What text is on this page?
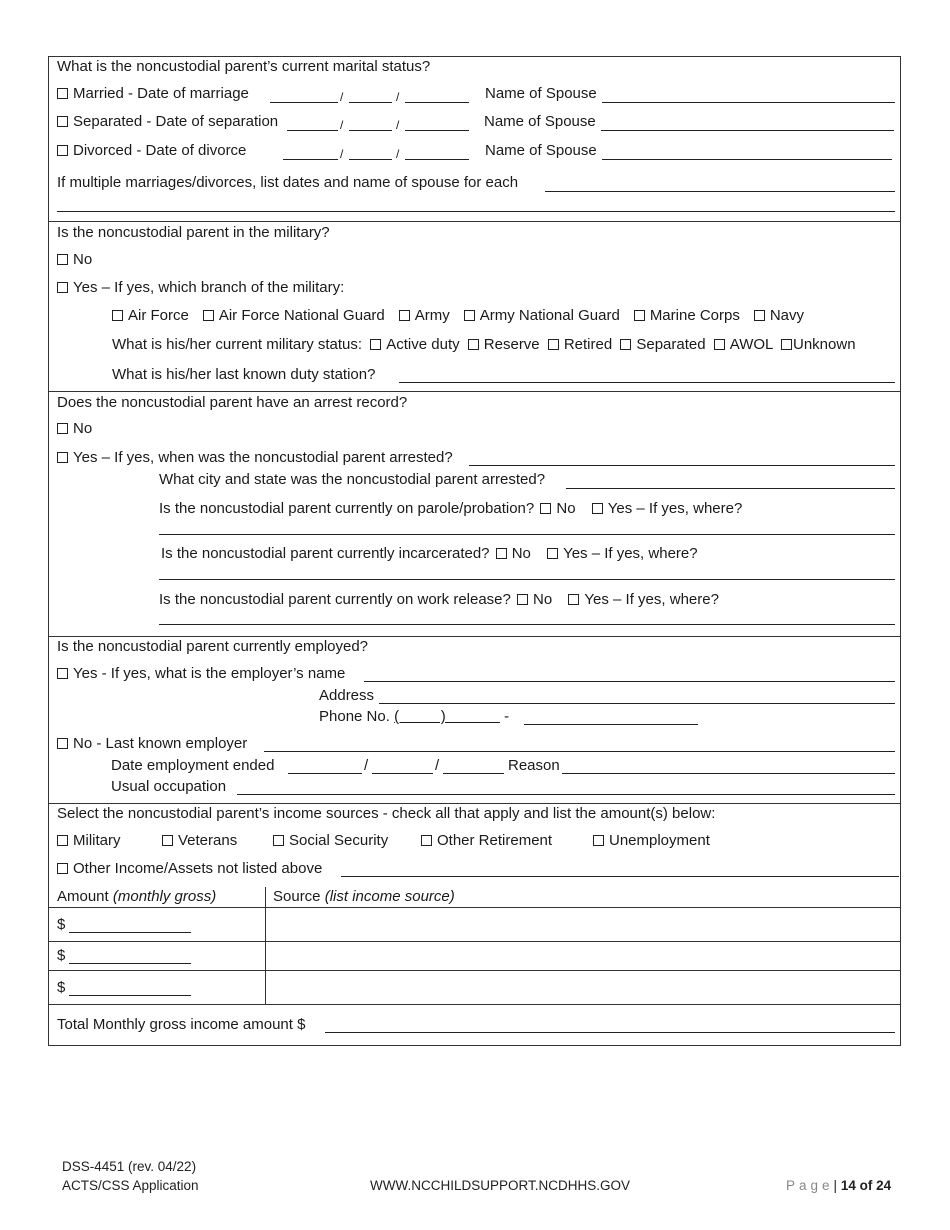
What is the noncustodial parent’s current marital status?
Married - Date of marriage	/	/	Name of Spouse
Separated - Date of separation	/	/	Name of Spouse
Divorced - Date of divorce	/	/	Name of Spouse
If multiple marriages/divorces, list dates and name of spouse for each
Is the noncustodial parent in the military?
No
Yes – If yes, which branch of the military:
Air Force Air Force National Guard Army Army National Guard Marine Corps Navy
What is his/her current military status: Active duty Reserve Retired Separated AWOL Unknown
What is his/her last known duty station?
Does the noncustodial parent have an arrest record?
No
Yes – If yes, when was the noncustodial parent arrested?
What city and state was the noncustodial parent arrested?
Is the noncustodial parent currently on parole/probation? No Yes – If yes, where?
Is the noncustodial parent currently incarcerated? No Yes – If yes, where?
Is the noncustodial parent currently on work release? No Yes – If yes, where?
Is the noncustodial parent currently employed?
Yes - If yes, what is the employer’s name
Address
Phone No. (          )              -
No - Last known employer
Date employment ended	/	/	Reason
Usual occupation
Select the noncustodial parent’s income sources - check all that apply and list the amount(s) below:
Military	Veterans	Social Security	Other Retirement	Unemployment
Other Income/Assets not listed above
Amount (monthly gross)	Source (list income source)
$
$
$
Total Monthly gross income amount $
DSS-4451 (rev. 04/22)
ACTS/CSS Application	WWW.NCCHILDSUPPORT.NCDHHS.GOV	Page| 14 of 24
